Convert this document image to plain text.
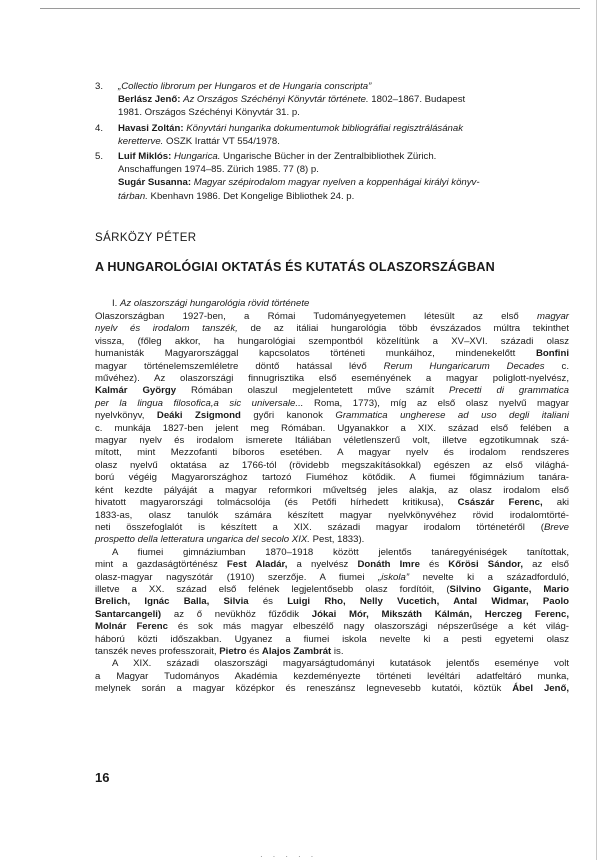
3.	„Collectio librorum per Hungaros et de Hungaria conscripta”
Berlász Jenő: Az Országos Széchényi Könyvtár története. 1802–1867. Budapest
1981. Országos Széchényi Könyvtár 31. p.
4.	Havasi Zoltán: Könyvtári hungarika dokumentumok bibliográfiai regisztrálásának
keretterve. OSZK Irattár VT 554/1978.
5.	Luif Miklós: Hungarica. Ungarische Bücher in der Zentralbibliothek Zürich.
Anschaffungen 1974–85. Zürich 1985. 77 (8) p.
Sugár Susanna: Magyar szépirodalom magyar nyelven a koppenhágai királyi könyv-
tárban. Kbenhavn 1986. Det Kongelige Bibliothek 24. p.
SÁRKÖZY PÉTER
A HUNGAROLÓGIAI OKTATÁS ÉS KUTATÁS OLASZORSZÁGBAN
I. Az olaszországi hungarológia rövid története
Olaszországban 1927-ben, a Római Tudományegyetemen létesült az első magyar
nyelv és irodalom tanszék, de az itáliai hungarológia több évszázados múltra tekinthet
vissza, (főleg akkor, ha hungarológiai szempontból közelítünk a XV–XVI. századi olasz
humanisták Magyarországgal kapcsolatos történeti munkáihoz, mindenekelőtt Bonfini
magyar történelemszemléletre döntő hatással lévő Rerum Hungaricarum Decades c.
művéhez). Az olaszországi finnugrisztika első eseményének a magyar poliglott-nyelvész,
Kalmár György Rómában olaszul megjelentetett műve számít Precetti di grammatica
per la lingua filosofica,a sic universale... Roma, 1773), míg az első olasz nyelvű magyar
nyelvkönyv, Deáki Zsigmond győri kanonok Grammatica ungherese ad uso degli italiani
c. munkája 1827-ben jelent meg Rómában. Ugyanakkor a XIX. század első felében a
magyar nyelv és irodalom ismerete Itáliában véletlenszerű volt, illetve egzotikumnak szá-
mított, mint Mezzofanti bíboros esetében. A magyar nyelv és irodalom rendszeres
olasz nyelvű oktatása az 1766-tól (rövidebb megszakításokkal) egészen az első világhá-
ború végéig Magyarországhoz tartozó Fiuméhoz kötődik. A fiumei főgimnázium tanára-
ként kezdte pályáját a magyar reformkori műveltség jeles alakja, az olasz irodalom első
hivatott magyarországi tolmácsolója (és Petőfi hírhedett kritikusa), Császár Ferenc, aki
1833-as, olasz tanulók számára készített magyar nyelvkönyvéhez rövid irodalomtörté-
neti összefoglalót is készített a XIX. századi magyar irodalom történetéről (Breve
prospetto della letteratura ungarica del secolo XIX. Pest, 1833).
A fiumei gimnáziumban 1870–1918 között jelentős tanáregyéniségek tanítottak,
mint a gazdaságtörténész Fest Aladár, a nyelvész Donáth Imre és Kőrösi Sándor, az első
olasz-magyar nagyszótár (1910) szerzője. A fiumei „iskola” nevelte ki a századforduló,
illetve a XX. század első felének legjelentősebb olasz fordítóit, (Silvino Gigante, Mario
Brelich, Ignác Balla, Silvia és Luigi Rho, Nelly Vucetich, Antal Widmar, Paolo
Santarcangeli) az ő nevükhöz fűződik Jókai Mór, Mikszáth Kálmán, Herczeg Ferenc,
Molnár Ferenc és sok más magyar elbeszélő nagy olaszországi népszerűsége a két világ-
háború közti időszakban. Ugyanez a fiumei iskola nevelte ki a pesti egyetemi olasz
tanszék neves professzorait, Pietro és Alajos Zambrát is.
A XIX. századi olaszországi magyarságtudományi kutatások jelentős eseménye volt
a Magyar Tudományos Akadémia kezdeményezte történeti levéltári adatfeltáró munka,
melynek során a magyar középkor és reneszánsz legnevesebb kutatói, köztük Ábel Jenő,
16
·····
